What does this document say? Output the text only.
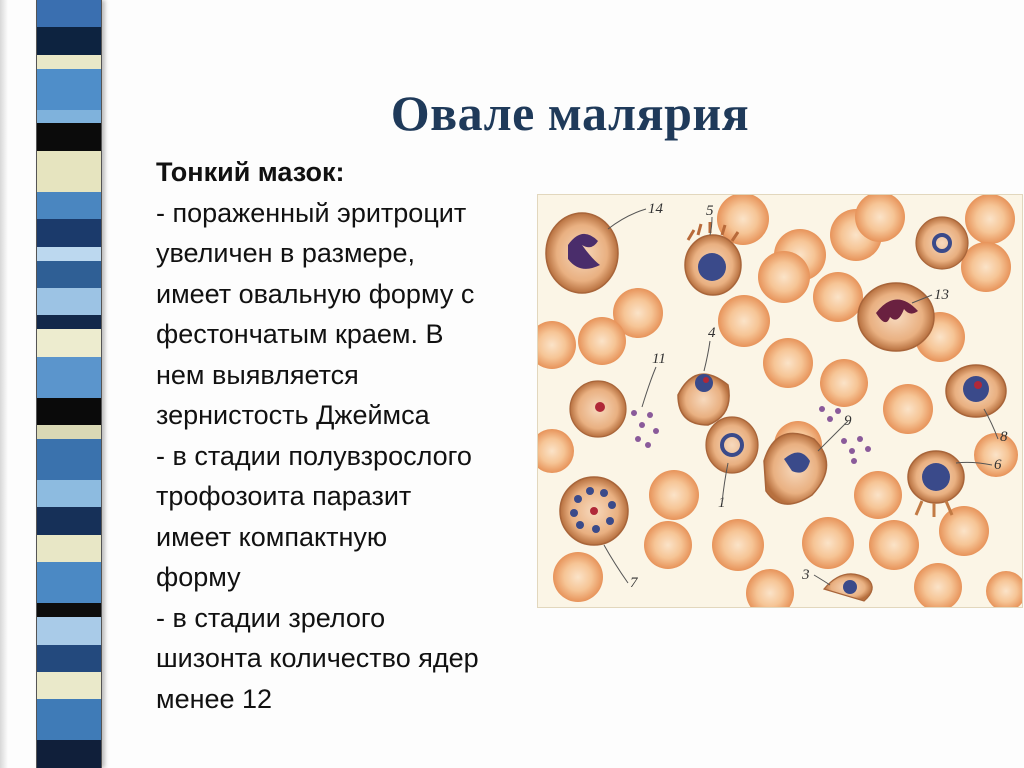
Овале малярия
Тонкий мазок:
- пораженный эритроцит
увеличен в размере,
имеет овальную форму с
фестончатым краем. В
нем выявляется
зернистость Джеймса
- в стадии полувзрослого
трофозоита паразит
имеет компактную
форму
- в стадии зрелого
шизонта количество ядер
менее 12
14	5
13
4
11
9
8
6
1
7	3
